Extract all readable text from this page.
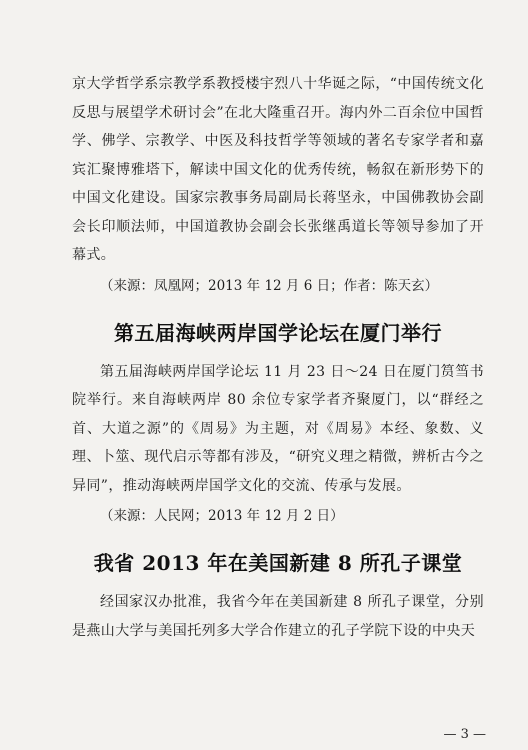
京大学哲学系宗教学系教授楼宇烈八十华诞之际，“中国传统文化反思与展望学术研讨会”在北大隆重召开。海内外二百余位中国哲学、佛学、宗教学、中医及科技哲学等领域的著名专家学者和嘉宾汇聚博雅塔下，解读中国文化的优秀传统，畅叙在新形势下的中国文化建设。国家宗教事务局副局长蒋坚永，中国佛教协会副会长印顺法师，中国道教协会副会长张继禹道长等领导参加了开幕式。

（来源：凤凰网；2013 年 12 月 6 日；作者：陈天玄）

第五届海峡两岸国学论坛在厦门举行

第五届海峡两岸国学论坛 11 月 23 日～24 日在厦门筼筜书院举行。来自海峡两岸 80 余位专家学者齐聚厦门，以“群经之首、大道之源”的《周易》为主题，对《周易》本经、象数、义理、卜筮、现代启示等都有涉及，“研究义理之精微，辨析古今之异同”，推动海峡两岸国学文化的交流、传承与发展。

（来源：人民网；2013 年 12 月 2 日）

我省 2013 年在美国新建 8 所孔子课堂

经国家汉办批准，我省今年在美国新建 8 所孔子课堂，分别是燕山大学与美国托列多大学合作建立的孔子学院下设的中央天

— 3 —
